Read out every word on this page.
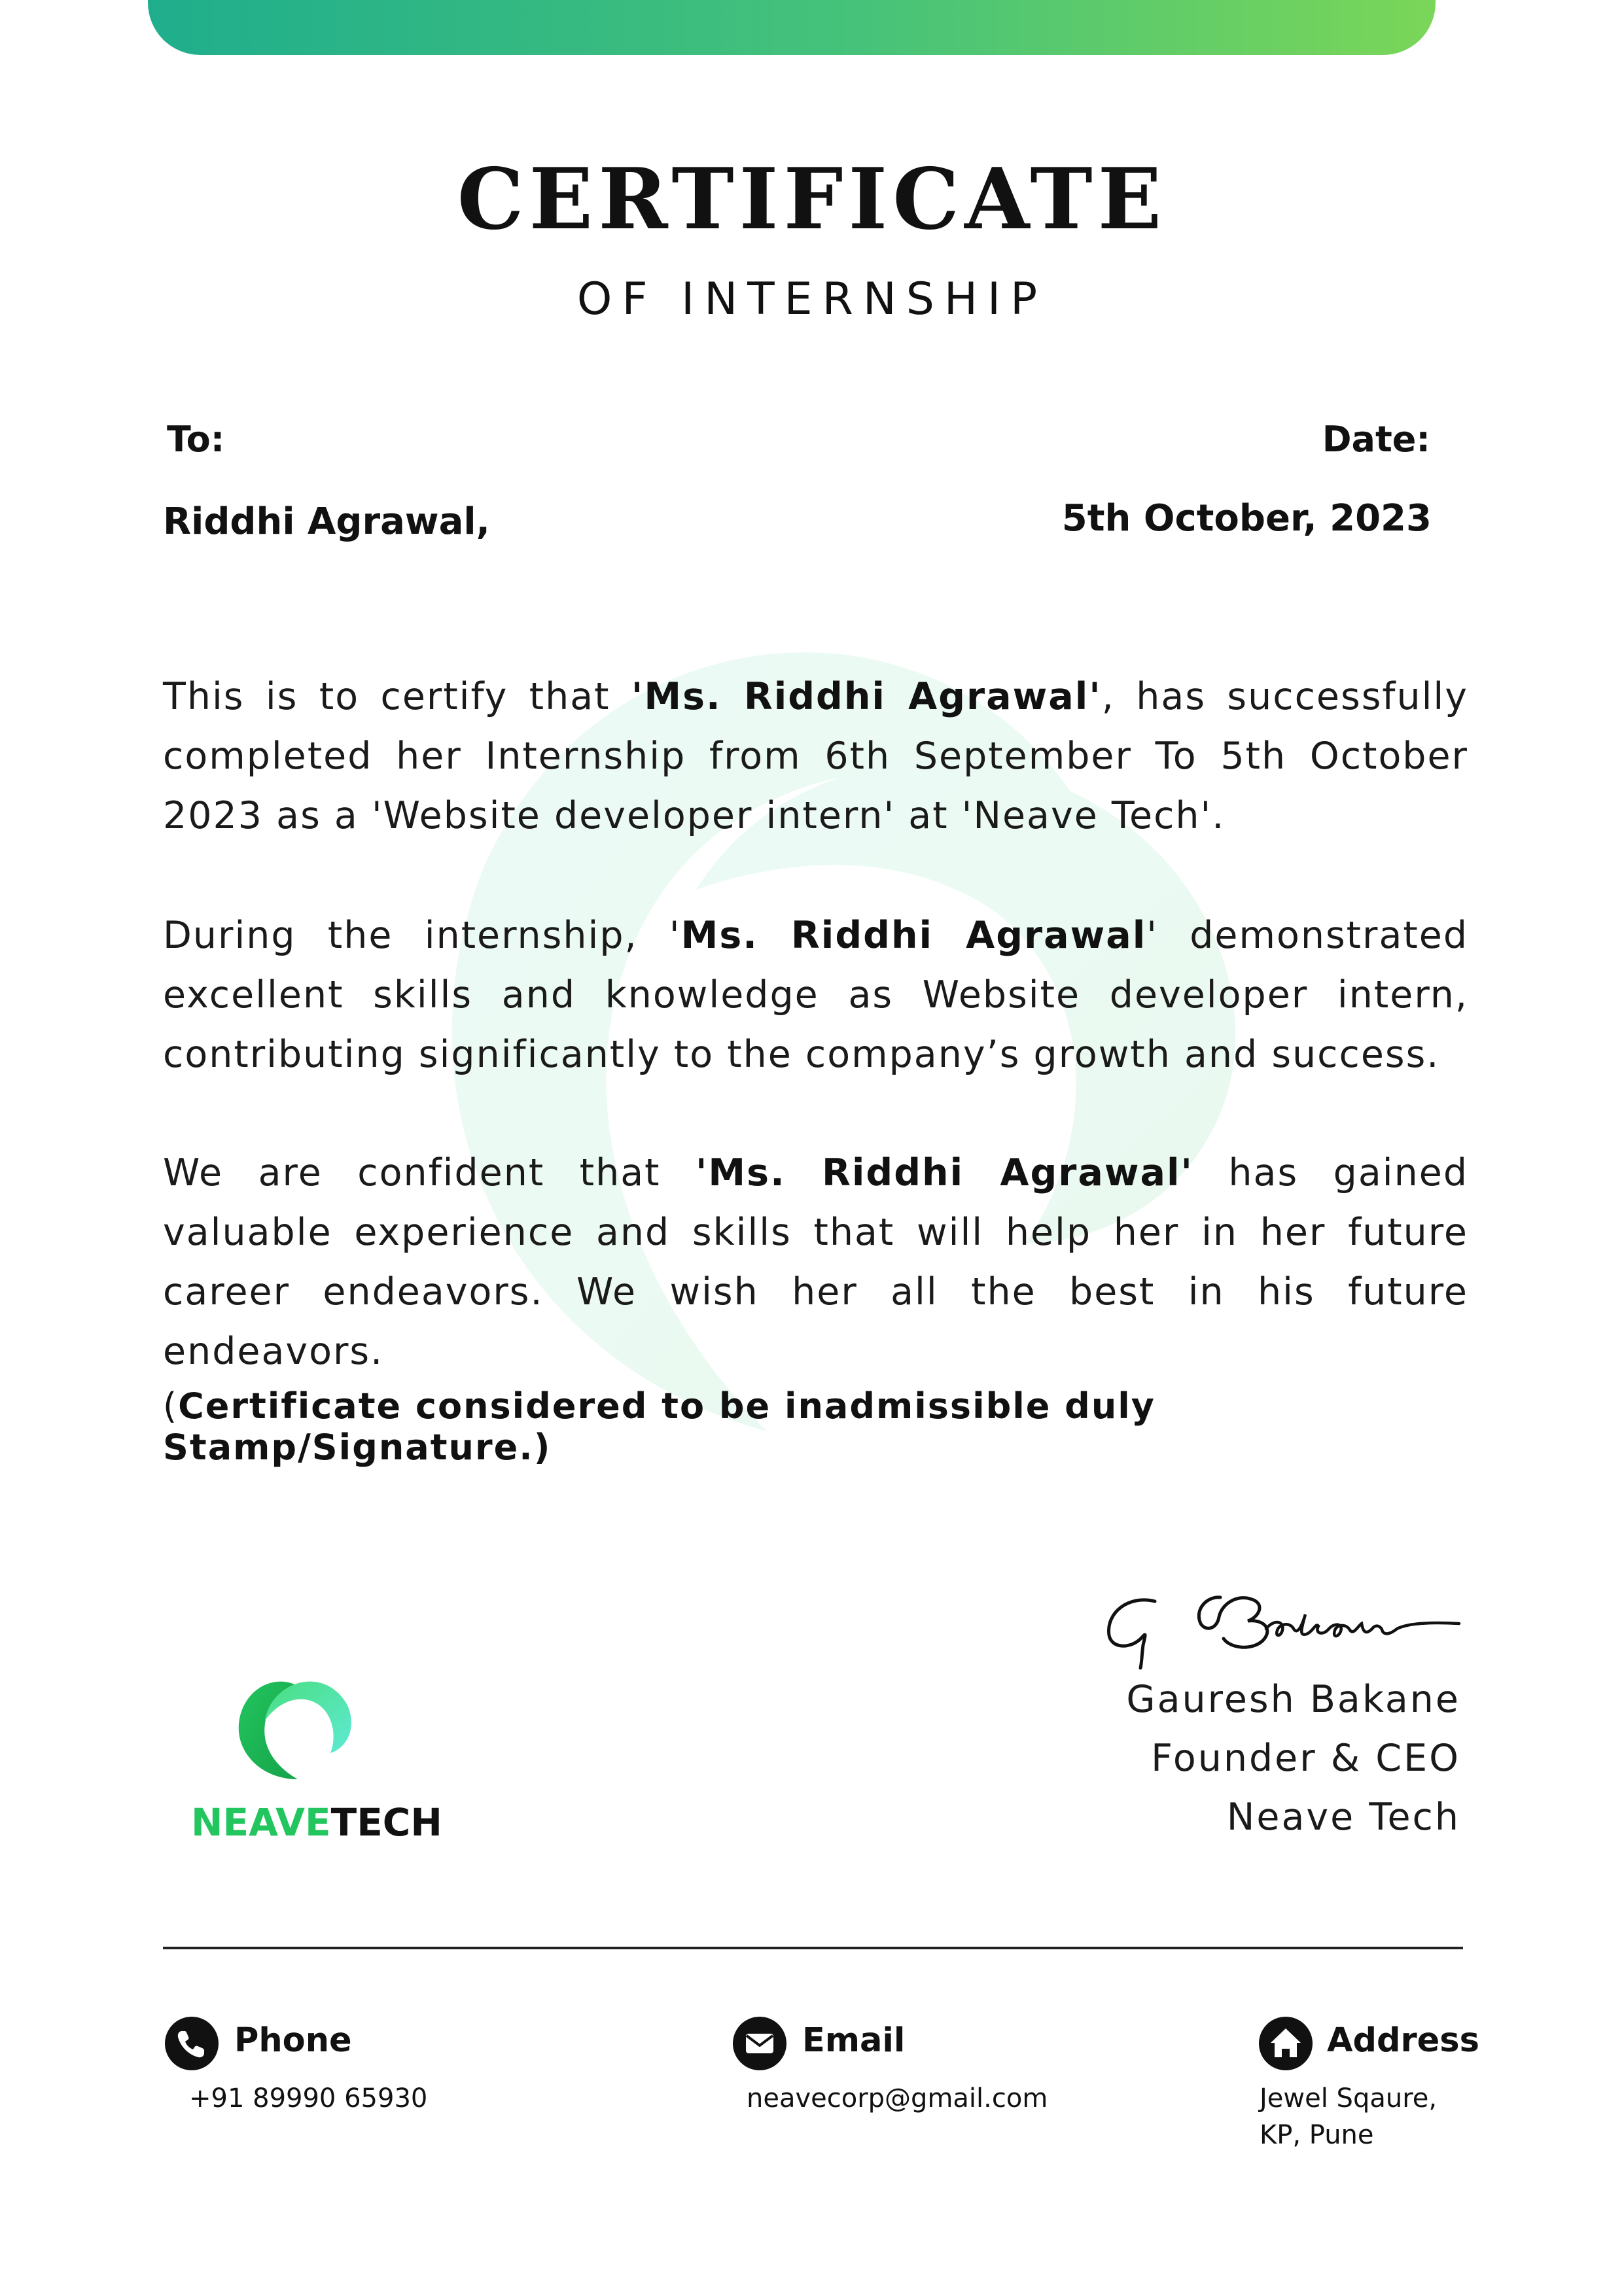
CERTIFICATE
OF INTERNSHIP
To:	Date:
Riddhi Agrawal,	5th October, 2023

This is to certify that 'Ms. Riddhi Agrawal', has successfully completed her Internship from 6th September To 5th October 2023 as a 'Website developer intern' at 'Neave Tech'.

During the internship, 'Ms. Riddhi Agrawal' demonstrated excellent skills and knowledge as Website developer intern, contributing significantly to the company’s growth and success.

We are confident that 'Ms. Riddhi Agrawal' has gained valuable experience and skills that will help her in her future career endeavors. We wish her all the best in his future endeavors.

(Certificate considered to be inadmissible duly Stamp/Signature.)

NEAVETECH
Gauresh Bakane
Founder & CEO
Neave Tech
Phone
+91 89990 65930
Email
neavecorp@gmail.com
Address
Jewel Sqaure,
KP, Pune
